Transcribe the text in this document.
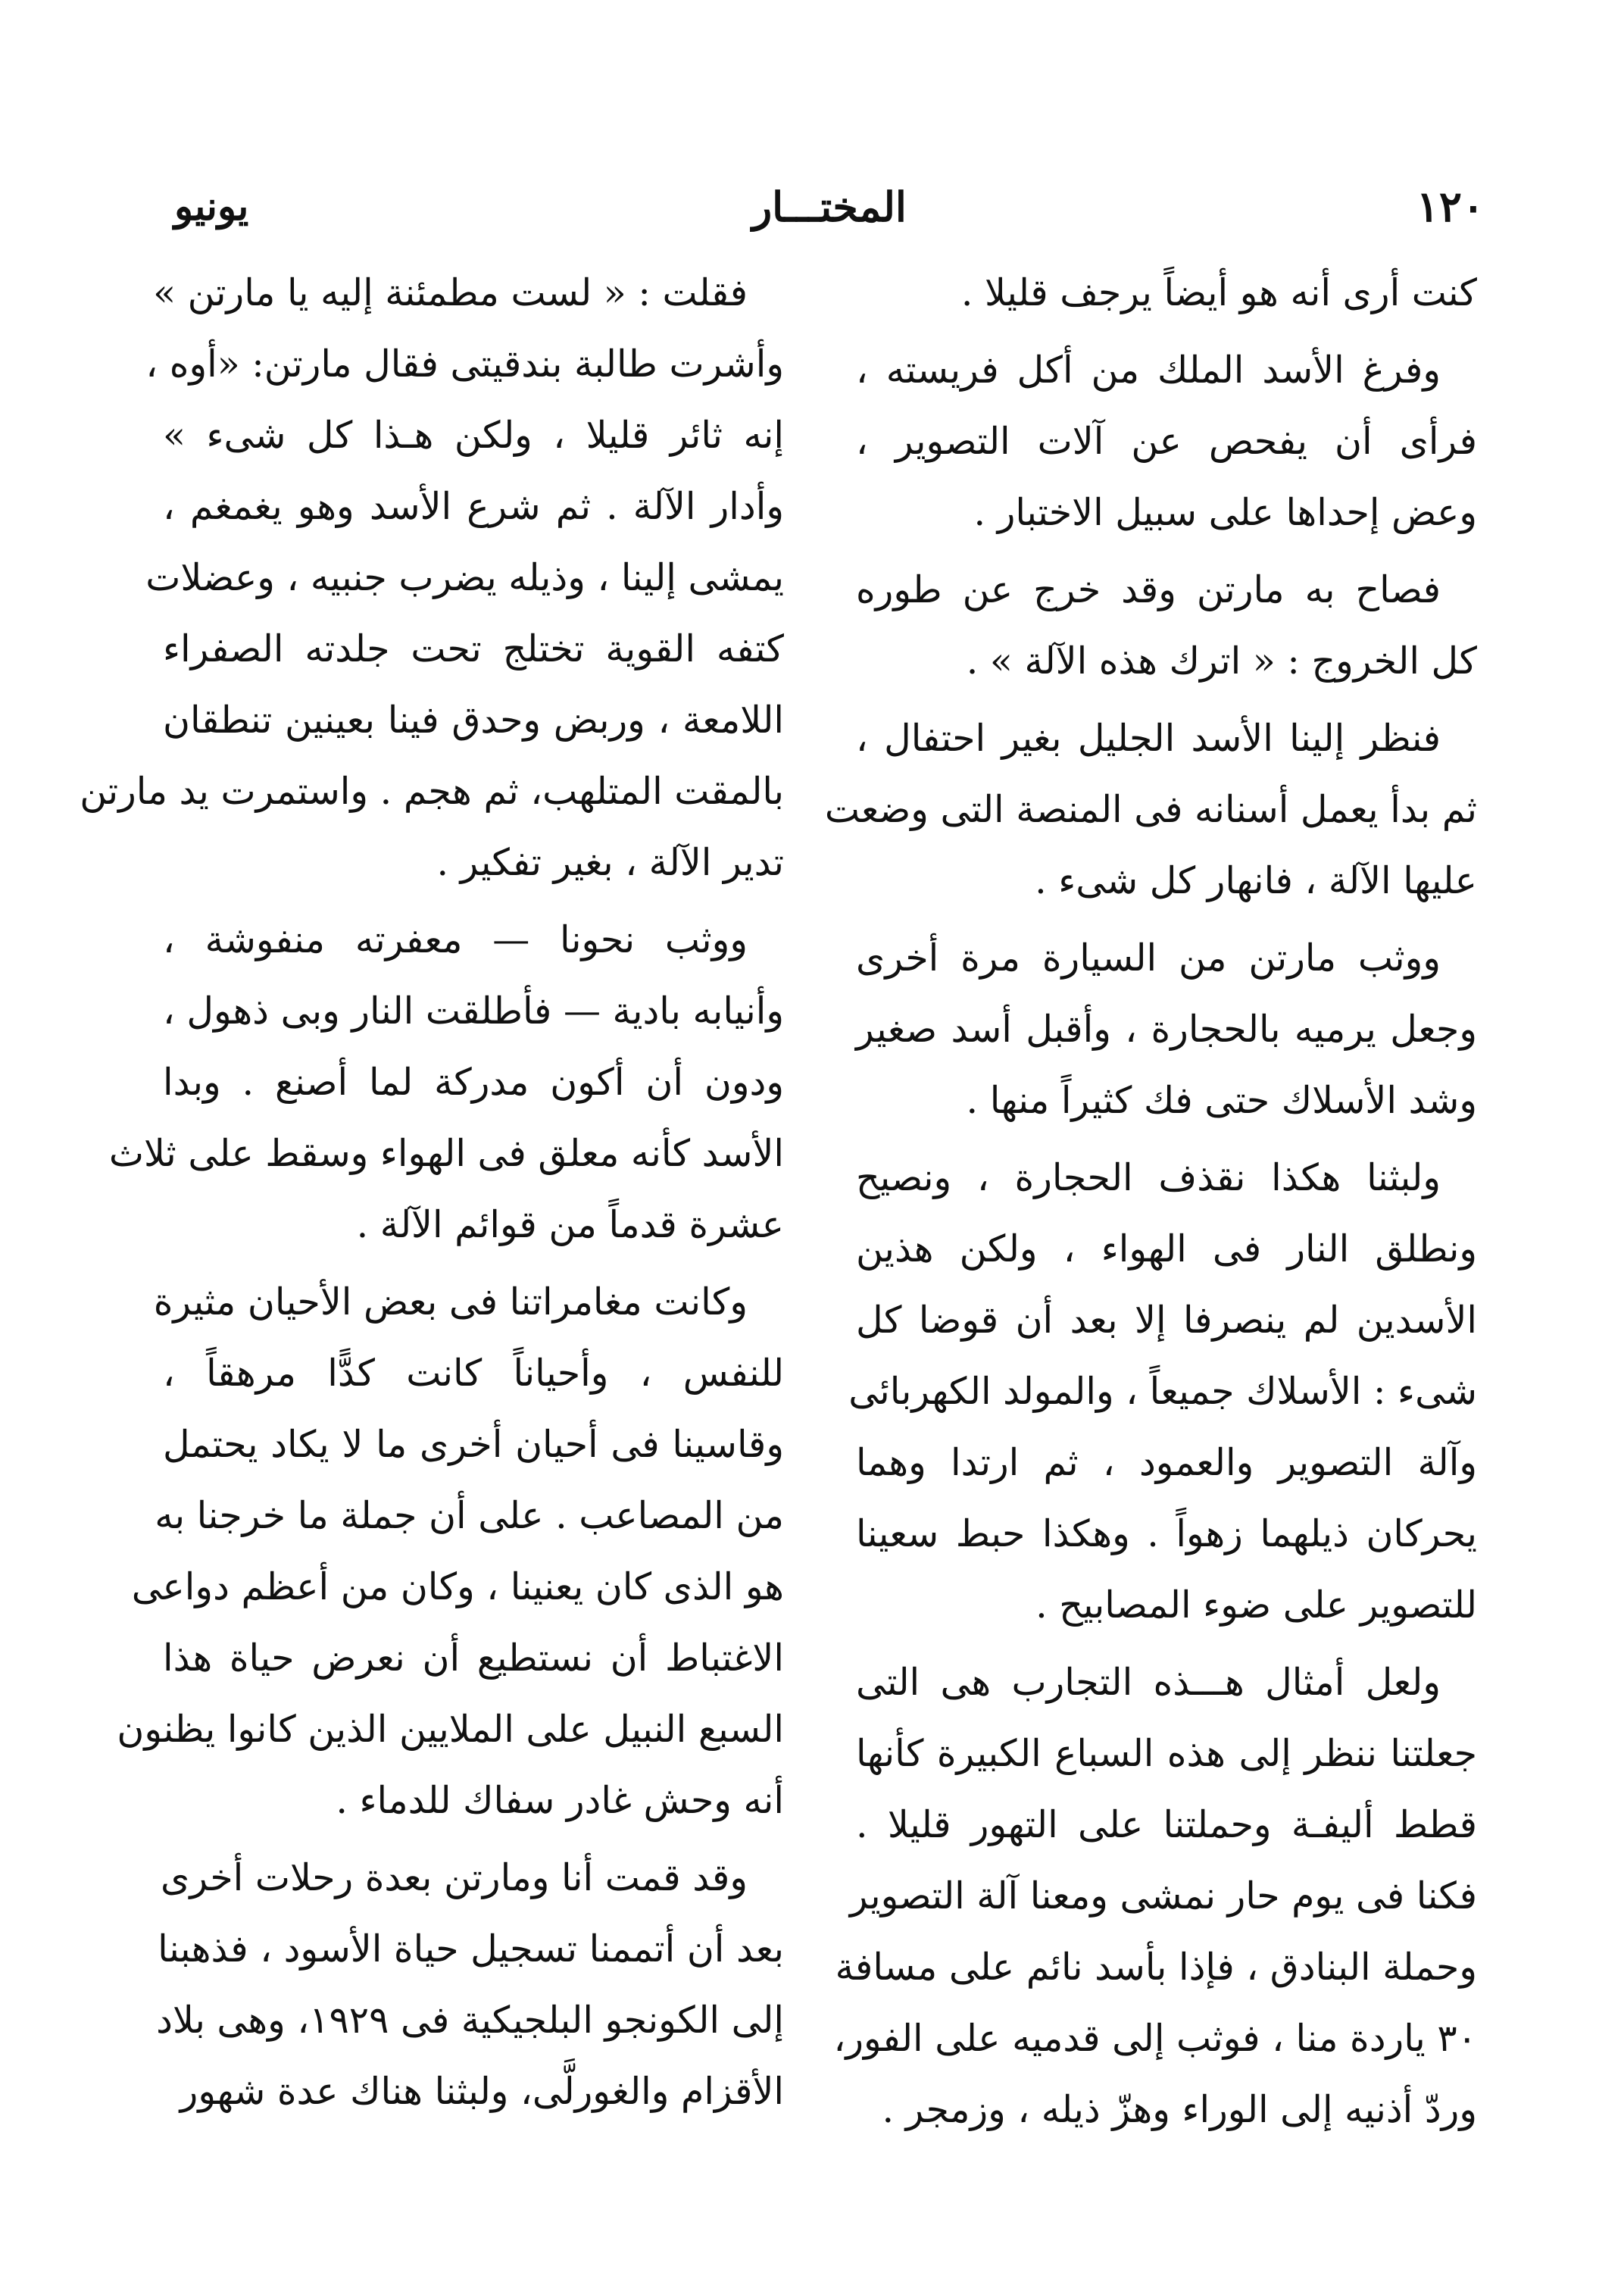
١٢٠
المختـــار
يونيو
كنت أرى أنه هو أيضاً يرجف قليلا .
وفرغ الأسد الملك من أكل فريسته ،
فرأى أن يفحص عن آلات التصوير ،
وعض إحداها على سبيل الاختبار .
فصاح به مارتن وقد خرج عن طوره
كل الخروج : « اترك هذه الآلة » .
فنظر إلينا الأسد الجليل بغير احتفال ،
ثم بدأ يعمل أسنانه فى المنصة التى وضعت
عليها الآلة ، فانهار كل شىء .
ووثب مارتن من السيارة مرة أخرى
وجعل يرميه بالحجارة ، وأقبل أسد صغير
وشد الأسلاك حتى فك كثيراً منها .
ولبثنا هكذا نقذف الحجارة ، ونصيح
ونطلق النار فى الهواء ، ولكن هذين
الأسدين لم ينصرفا إلا بعد أن قوضا كل
شىء : الأسلاك جميعاً ، والمولد الكهربائى
وآلة التصوير والعمود ، ثم ارتدا وهما
يحركان ذيلهما زهواً . وهكذا حبط سعينا
للتصوير على ضوء المصابيح .
ولعل أمثال هـــذه التجارب هى التى
جعلتنا ننظر إلى هذه السباع الكبيرة كأنها
قطط أليفـة وحملتنا على التهور قليلا .
فكنا فى يوم حار نمشى ومعنا آلة التصوير
وحملة البنادق ، فإذا بأسد نائم على مسافة
٣٠ ياردة منا ، فوثب إلى قدميه على الفور،
وردّ أذنيه إلى الوراء وهزّ ذيله ، وزمجر .
فقلت : « لست مطمئنة إليه يا مارتن »
وأشرت طالبة بندقيتى فقال مارتن: «أوه ،
إنه ثائر قليلا ، ولكن هـذا كل شىء »
وأدار الآلة . ثم شرع الأسد وهو يغمغم ،
يمشى إلينا ، وذيله يضرب جنبيه ، وعضلات
كتفه القوية تختلج تحت جلدته الصفراء
اللامعة ، وربض وحدق فينا بعينين تنطقان
بالمقت المتلهب، ثم هجم . واستمرت يد مارتن
تدير الآلة ، بغير تفكير .
ووثب نحونا — معفرته منفوشة ،
وأنيابه بادية — فأطلقت النار وبى ذهول ،
ودون أن أكون مدركة لما أصنع . وبدا
الأسد كأنه معلق فى الهواء وسقط على ثلاث
عشرة قدماً من قوائم الآلة .
وكانت مغامراتنا فى بعض الأحيان مثيرة
للنفس ، وأحياناً كانت كدًّا مرهقاً ،
وقاسينا فى أحيان أخرى ما لا يكاد يحتمل
من المصاعب . على أن جملة ما خرجنا به
هو الذى كان يعنينا ، وكان من أعظم دواعى
الاغتباط أن نستطيع أن نعرض حياة هذا
السبع النبيل على الملايين الذين كانوا يظنون
أنه وحش غادر سفاك للدماء .
وقد قمت أنا ومارتن بعدة رحلات أخرى
بعد أن أتممنا تسجيل حياة الأسود ، فذهبنا
إلى الكونجو البلجيكية فى ١٩٢٩، وهى بلاد
الأقزام والغورلَّى، ولبثنا هناك عدة شهور
